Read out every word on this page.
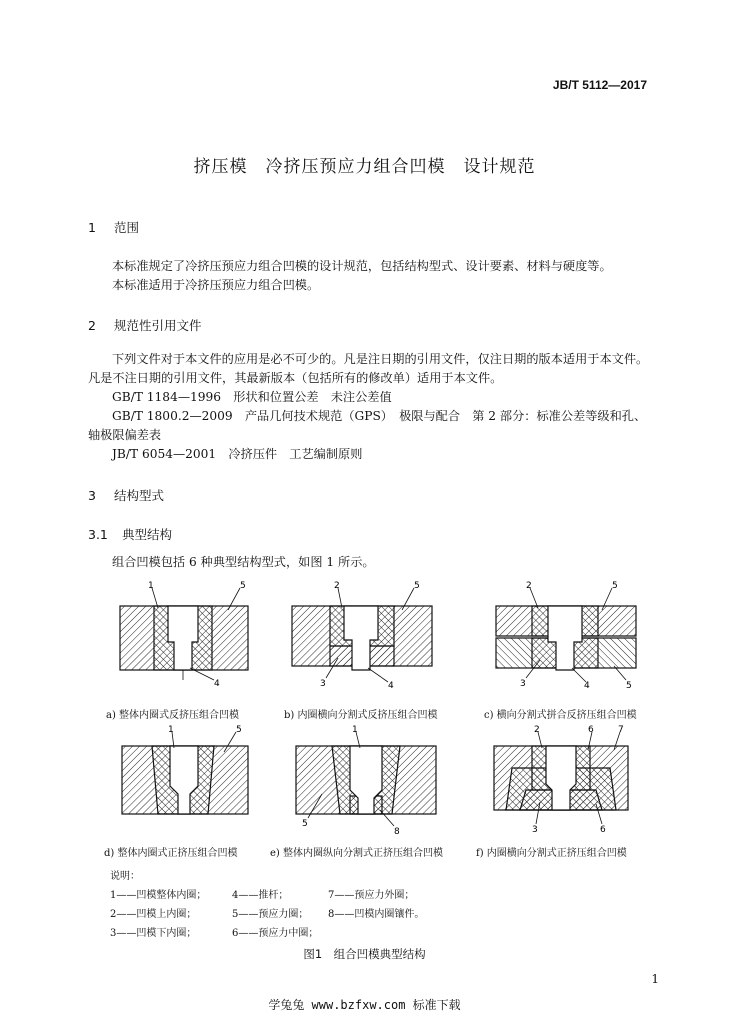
JB/T 5112—2017
挤压模　冷挤压预应力组合凹模　设计规范
1 范围
本标准规定了冷挤压预应力组合凹模的设计规范，包括结构型式、设计要素、材料与硬度等。
本标准适用于冷挤压预应力组合凹模。
2 规范性引用文件
下列文件对于本文件的应用是必不可少的。凡是注日期的引用文件，仅注日期的版本适用于本文件。凡是不注日期的引用文件，其最新版本（包括所有的修改单）适用于本文件。
GB/T 1184—1996　形状和位置公差　未注公差值
GB/T 1800.2—2009　产品几何技术规范（GPS）　极限与配合　第 2 部分：标准公差等级和孔、轴极限偏差表
JB/T 6054—2001　冷挤压件　工艺编制原则
3 结构型式
3.1 典型结构
组合凹模包括 6 种典型结构型式，如图 1 所示。
1	5
4
a) 整体内圈式反挤压组合凹模
2	5
3	4
b) 内圈横向分割式反挤压组合凹模
2	5
3	4	5
c) 横向分割式拼合反挤压组合凹模
1	5
d) 整体内圈式正挤压组合凹模
1
5
8
e) 整体内圈纵向分割式正挤压组合凹模
2	6	7
3	6
f) 内圈横向分割式正挤压组合凹模
说明：
1——凹模整体内圈；	4——推杆；	7——预应力外圈；
2——凹模上内圈；	5——预应力圈； 8——凹模内圈镶件。
3——凹模下内圈；	6——预应力中圈；
图1　组合凹模典型结构
1
学兔兔 www.bzfxw.com 标准下载
